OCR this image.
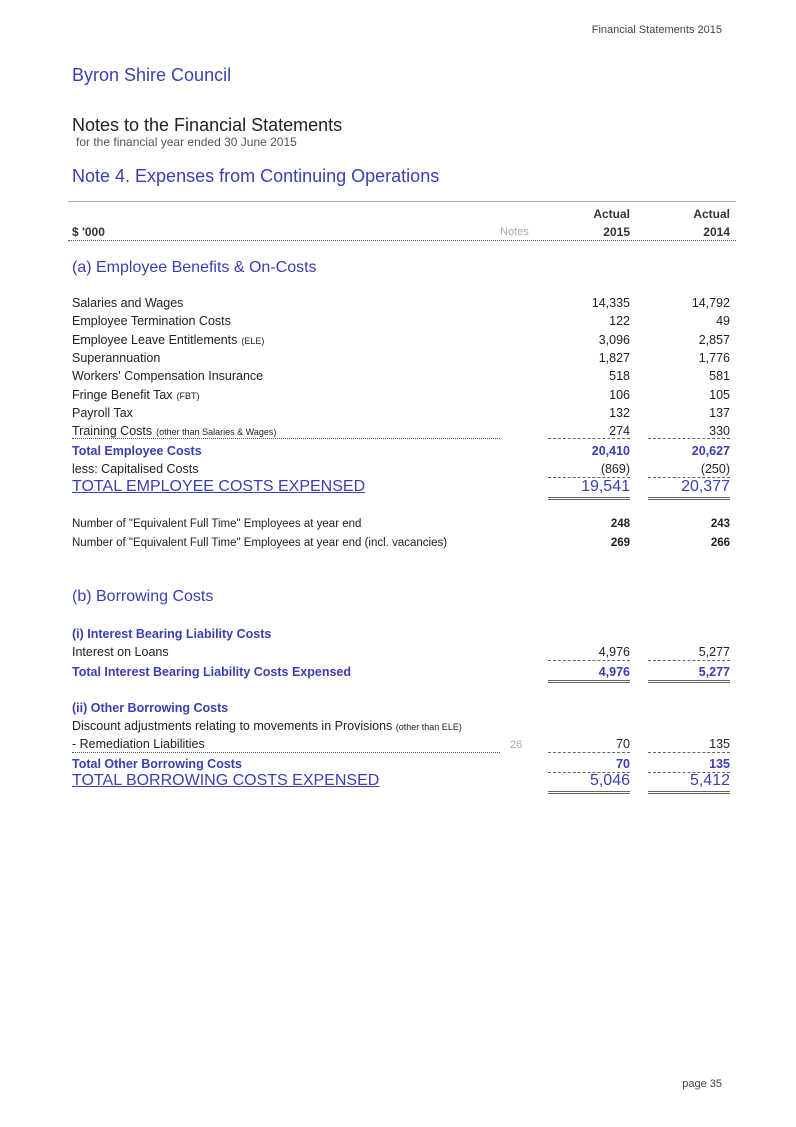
Financial Statements 2015
Byron Shire Council
Notes to the Financial Statements
for the financial year ended 30 June 2015
Note 4. Expenses from Continuing Operations
Actual	Actual
$ '000	Notes	2015	2014
(a) Employee Benefits & On-Costs
Salaries and Wages	14,335	14,792
Employee Termination Costs	122	49
Employee Leave Entitlements (ELE)	3,096	2,857
Superannuation	1,827	1,776
Workers' Compensation Insurance	518	581
Fringe Benefit Tax (FBT)	106	105
Payroll Tax	132	137
Training Costs (other than Salaries & Wages)	274	330
Total Employee Costs	20,410	20,627
less: Capitalised Costs	(869)	(250)
TOTAL EMPLOYEE COSTS EXPENSED	19,541	20,377
Number of "Equivalent Full Time" Employees at year end	248	243
Number of "Equivalent Full Time" Employees at year end (incl. vacancies)	269	266
(b) Borrowing Costs
(i) Interest Bearing Liability Costs
Interest on Loans	4,976	5,277
Total Interest Bearing Liability Costs Expensed	4,976	5,277
(ii) Other Borrowing Costs
Discount adjustments relating to movements in Provisions (other than ELE)
- Remediation Liabilities	26	70	135
Total Other Borrowing Costs	70	135
TOTAL BORROWING COSTS EXPENSED	5,046	5,412
page 35
